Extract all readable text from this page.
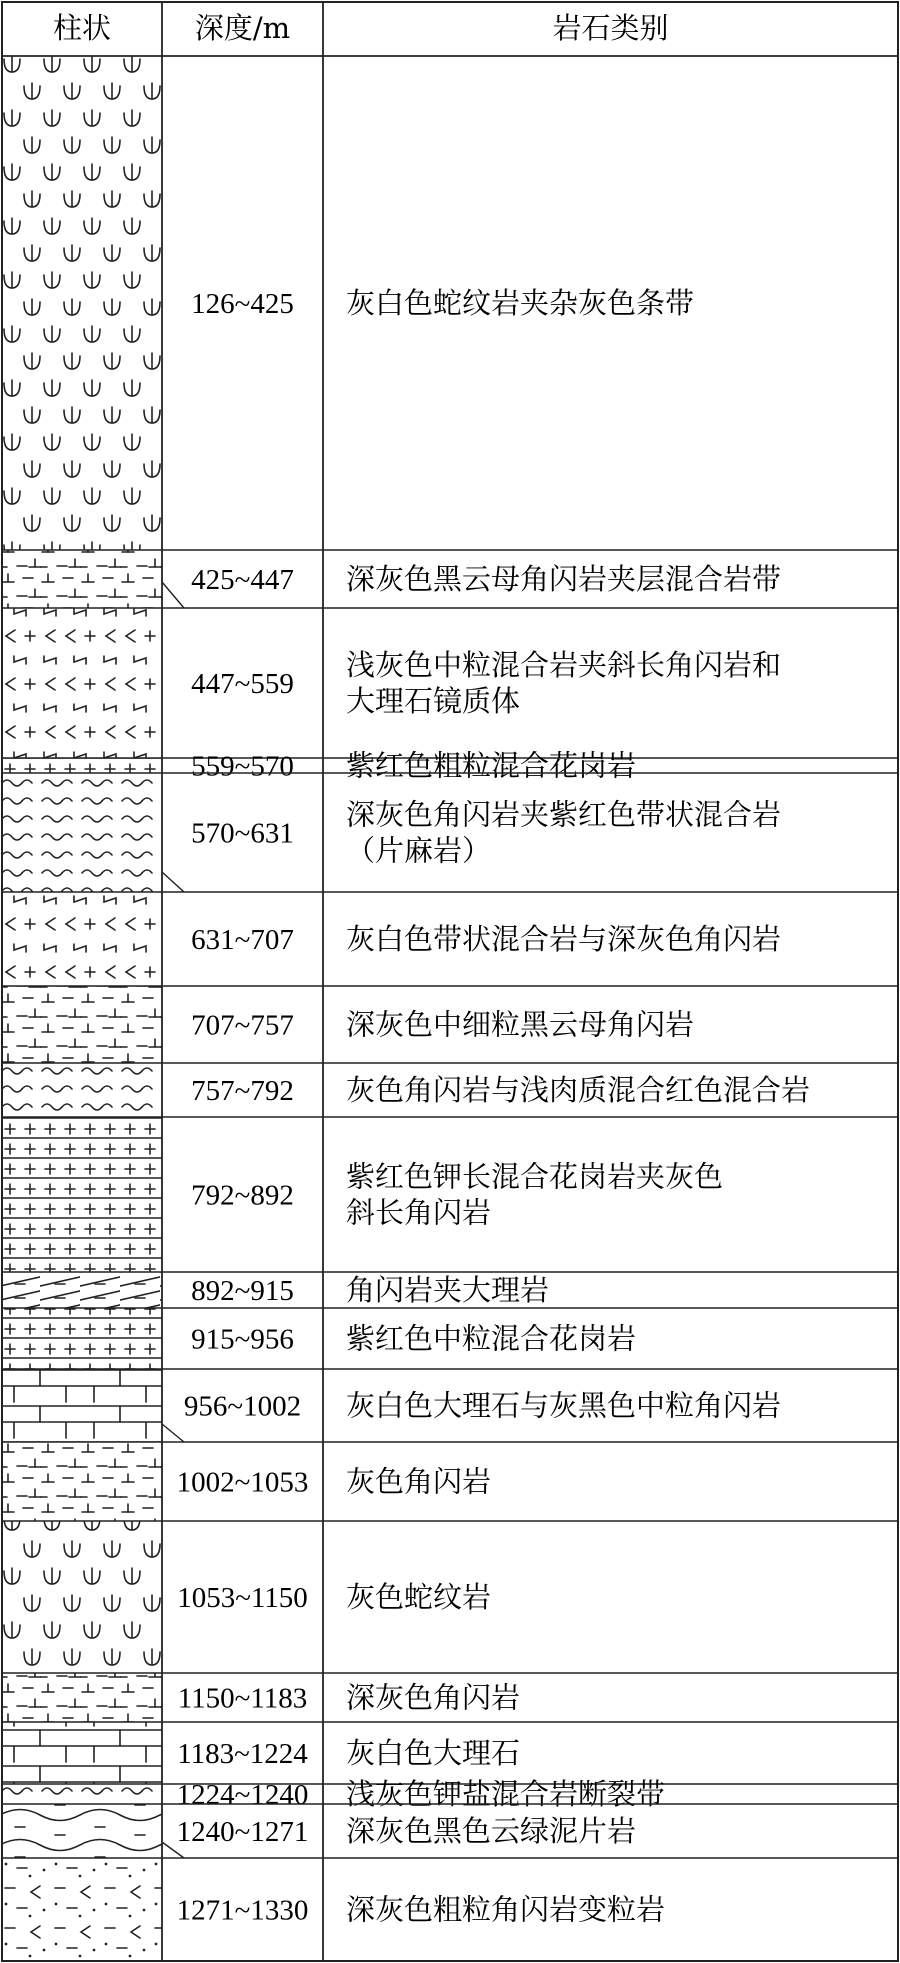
柱状	深度/m	岩石类别
126~425 灰白色蛇纹岩夹杂灰色条带
425~447 深灰色黑云母角闪岩夹层混合岩带
447~559
浅灰色中粒混合岩夹斜长角闪岩和
大理石镜质体
559~570 紫红色粗粒混合花岗岩
570~631
深灰色角闪岩夹紫红色带状混合岩
（片麻岩）
631~707 灰白色带状混合岩与深灰色角闪岩
707~757 深灰色中细粒黑云母角闪岩
757~792 灰色角闪岩与浅肉质混合红色混合岩
792~892
紫红色钾长混合花岗岩夹灰色
斜长角闪岩
892~915 角闪岩夹大理岩
915~956 紫红色中粒混合花岗岩
956~1002 灰白色大理石与灰黑色中粒角闪岩
1002~1053 灰色角闪岩
1053~1150 灰色蛇纹岩
1150~1183 深灰色角闪岩
1183~1224 灰白色大理石
1224~1240 浅灰色钾盐混合岩断裂带
1240~1271 深灰色黑色云绿泥片岩
1271~1330 深灰色粗粒角闪岩变粒岩
